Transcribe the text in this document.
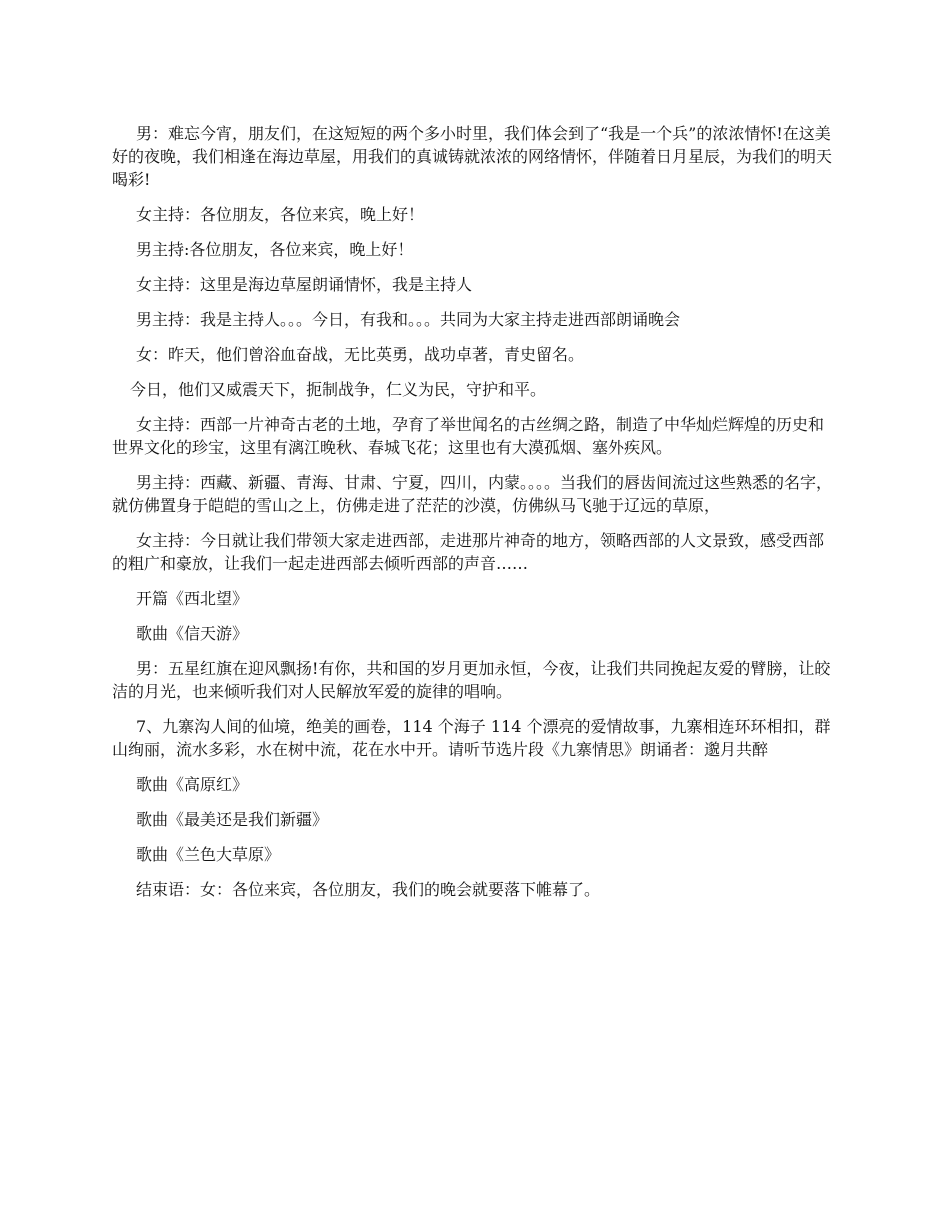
男：难忘今宵，朋友们，在这短短的两个多小时里，我们体会到了“我是一个兵”的浓浓情怀!在这美好的夜晚，我们相逢在海边草屋，用我们的真诚铸就浓浓的网络情怀，伴随着日月星辰，为我们的明天喝彩!

女主持：各位朋友，各位来宾，晚上好！

男主持:各位朋友，各位来宾，晚上好！

女主持：这里是海边草屋朗诵情怀，我是主持人

男主持：我是主持人。。。今日，有我和。。。共同为大家主持走进西部朗诵晚会

女：昨天，他们曾浴血奋战，无比英勇，战功卓著，青史留名。

今日，他们又威震天下，扼制战争，仁义为民，守护和平。

女主持：西部一片神奇古老的土地，孕育了举世闻名的古丝绸之路，制造了中华灿烂辉煌的历史和世界文化的珍宝，这里有漓江晚秋、春城飞花；这里也有大漠孤烟、塞外疾风。

男主持：西藏、新疆、青海、甘肃、宁夏，四川，内蒙。。。。当我们的唇齿间流过这些熟悉的名字，就仿佛置身于皑皑的雪山之上，仿佛走进了茫茫的沙漠，仿佛纵马飞驰于辽远的草原，

女主持：今日就让我们带领大家走进西部，走进那片神奇的地方，领略西部的人文景致，感受西部的粗广和豪放，让我们一起走进西部去倾听西部的声音……

开篇《西北望》

歌曲《信天游》

男：五星红旗在迎风飘扬!有你，共和国的岁月更加永恒，今夜，让我们共同挽起友爱的臂膀，让皎洁的月光，也来倾听我们对人民解放军爱的旋律的唱响。

7、九寨沟人间的仙境，绝美的画卷，114 个海子 114 个漂亮的爱情故事，九寨相连环环相扣，群山绚丽，流水多彩，水在树中流，花在水中开。请听节选片段《九寨情思》朗诵者：邈月共醉

歌曲《高原红》

歌曲《最美还是我们新疆》

歌曲《兰色大草原》

结束语：女：各位来宾，各位朋友，我们的晚会就要落下帷幕了。
